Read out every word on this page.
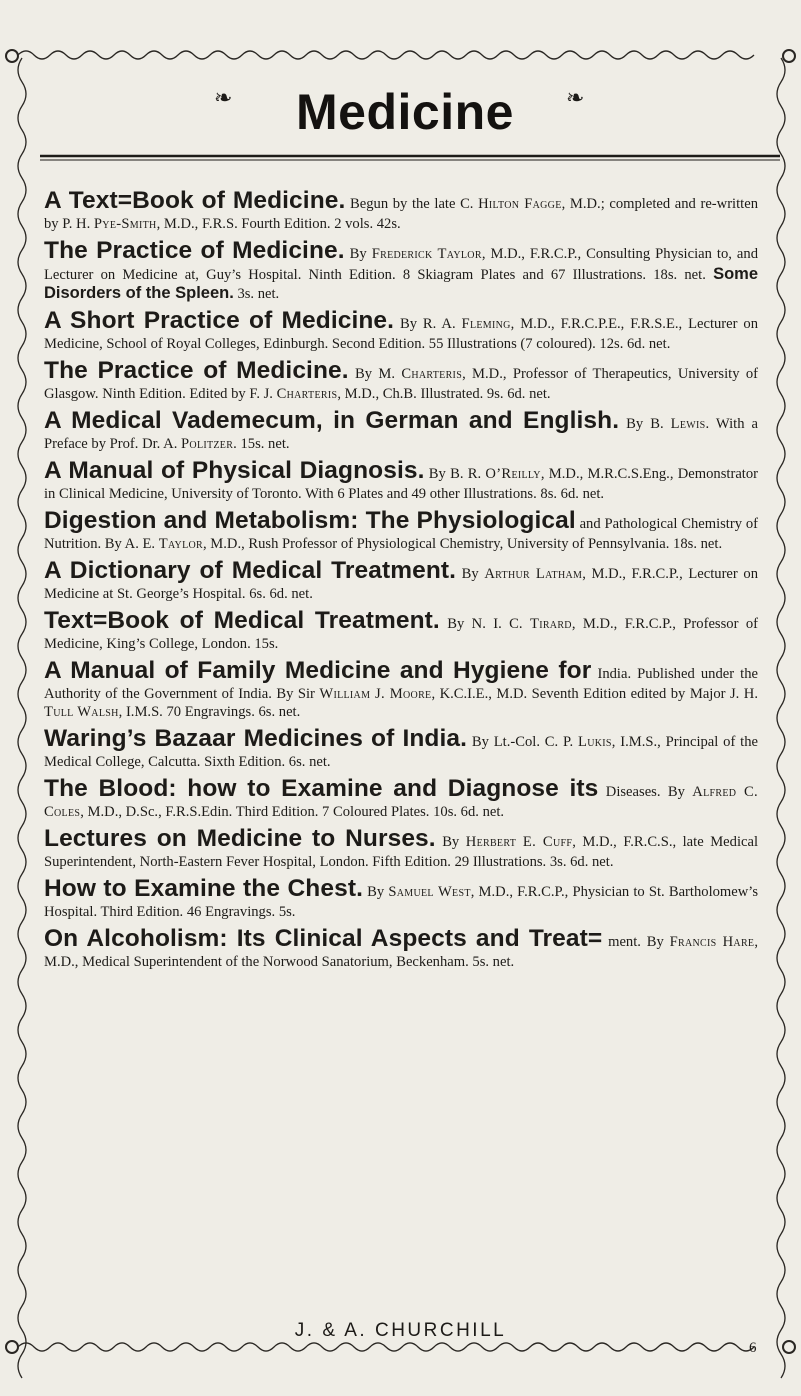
❧	Medicine	❧

A Text=Book of Medicine. Begun by the late C. Hilton Fagge, M.D.; completed and re-written by P. H. Pye-Smith, M.D., F.R.S. Fourth Edition. 2 vols. 42s.

The Practice of Medicine. By Frederick Taylor, M.D., F.R.C.P., Consulting Physician to, and Lecturer on Medicine at, Guy’s Hospital. Ninth Edition. 8 Skiagram Plates and 67 Illustrations. 18s. net. Some Disorders of the Spleen. 3s. net.

A Short Practice of Medicine. By R. A. Fleming, M.D., F.R.C.P.E., F.R.S.E., Lecturer on Medicine, School of Royal Colleges, Edinburgh. Second Edition. 55 Illustrations (7 coloured). 12s. 6d. net.

The Practice of Medicine. By M. Charteris, M.D., Professor of Therapeutics, University of Glasgow. Ninth Edition. Edited by F. J. Charteris, M.D., Ch.B. Illustrated. 9s. 6d. net.

A Medical Vademecum, in German and English. By B. Lewis. With a Preface by Prof. Dr. A. Politzer. 15s. net.

A Manual of Physical Diagnosis. By B. R. O’Reilly, M.D., M.R.C.S.Eng., Demonstrator in Clinical Medicine, University of Toronto. With 6 Plates and 49 other Illustrations. 8s. 6d. net.

Digestion and Metabolism: The Physiological and Pathological Chemistry of Nutrition. By A. E. Taylor, M.D., Rush Professor of Physiological Chemistry, University of Pennsylvania. 18s. net.

A Dictionary of Medical Treatment. By Arthur Latham, M.D., F.R.C.P., Lecturer on Medicine at St. George’s Hospital. 6s. 6d. net.

Text=Book of Medical Treatment. By N. I. C. Tirard, M.D., F.R.C.P., Professor of Medicine, King’s College, London. 15s.

A Manual of Family Medicine and Hygiene for India. Published under the Authority of the Government of India. By Sir William J. Moore, K.C.I.E., M.D. Seventh Edition edited by Major J. H. Tull Walsh, I.M.S. 70 Engravings. 6s. net.

Waring’s Bazaar Medicines of India. By Lt.-Col. C. P. Lukis, I.M.S., Principal of the Medical College, Calcutta. Sixth Edition. 6s. net.

The Blood: how to Examine and Diagnose its Diseases. By Alfred C. Coles, M.D., D.Sc., F.R.S.Edin. Third Edition. 7 Coloured Plates. 10s. 6d. net.

Lectures on Medicine to Nurses. By Herbert E. Cuff, M.D., F.R.C.S., late Medical Superintendent, North-Eastern Fever Hospital, London. Fifth Edition. 29 Illustrations. 3s. 6d. net.

How to Examine the Chest. By Samuel West, M.D., F.R.C.P., Physician to St. Bartholomew’s Hospital. Third Edition. 46 Engravings. 5s.

On Alcoholism: Its Clinical Aspects and Treat= ment. By Francis Hare, M.D., Medical Superintendent of the Norwood Sanatorium, Beckenham. 5s. net.

J. & A. CHURCHILL
6
